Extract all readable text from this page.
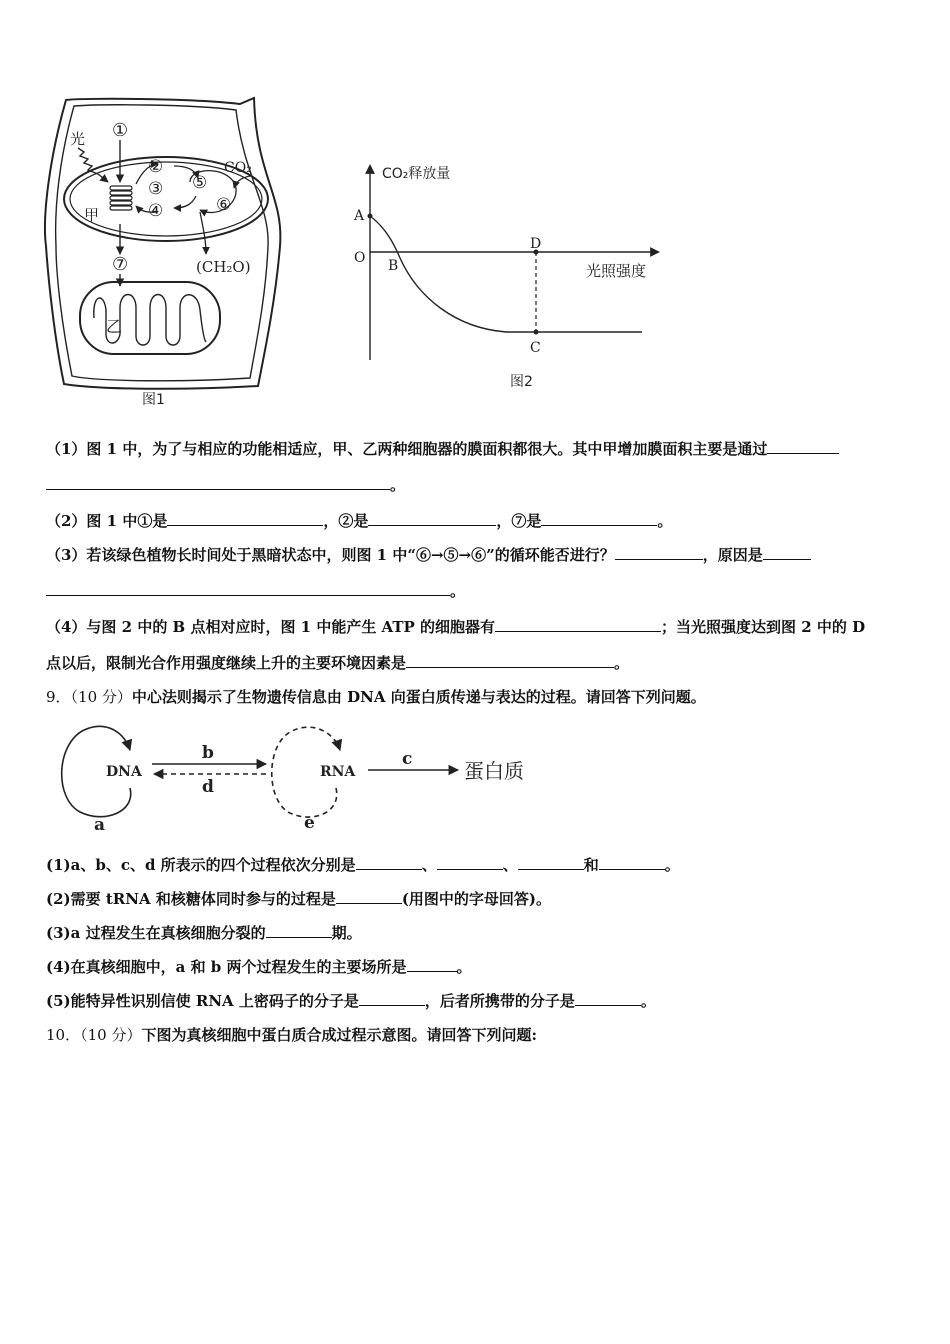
光 ①
②
③
④
⑤
⑥
CO₂
甲
⑦	(CH₂O)
乙
图1
A
O B
D
C
CO₂释放量
光照强度
图2
（1）图 1 中，为了与相应的功能相适应，甲、乙两种细胞器的膜面积都很大。其中甲增加膜面积主要是通过
。
（2）图 1 中①是	，②是	，⑦是	。
（3）若该绿色植物长时间处于黑暗状态中，则图 1 中“⑥→⑤→⑥”的循环能否进行？	，原因是
。
（4）与图 2 中的 B 点相对应时，图 1 中能产生 ATP 的细胞器有	；当光照强度达到图 2 中的 D
点以后，限制光合作用强度继续上升的主要环境因素是	。
9．（10 分）中心法则揭示了生物遗传信息由 DNA 向蛋白质传递与表达的过程。请回答下列问题。
DNA	RNA	蛋白质
b
d
c
a	e
(1)a、b、c、d 所表示的四个过程依次分别是	、	、	和	。
(2)需要 tRNA 和核糖体同时参与的过程是	(用图中的字母回答)。
(3)a 过程发生在真核细胞分裂的	期。
(4)在真核细胞中，a 和 b 两个过程发生的主要场所是	。
(5)能特异性识别信使 RNA 上密码子的分子是	，后者所携带的分子是	。
10．（10 分）下图为真核细胞中蛋白质合成过程示意图。请回答下列问题:
